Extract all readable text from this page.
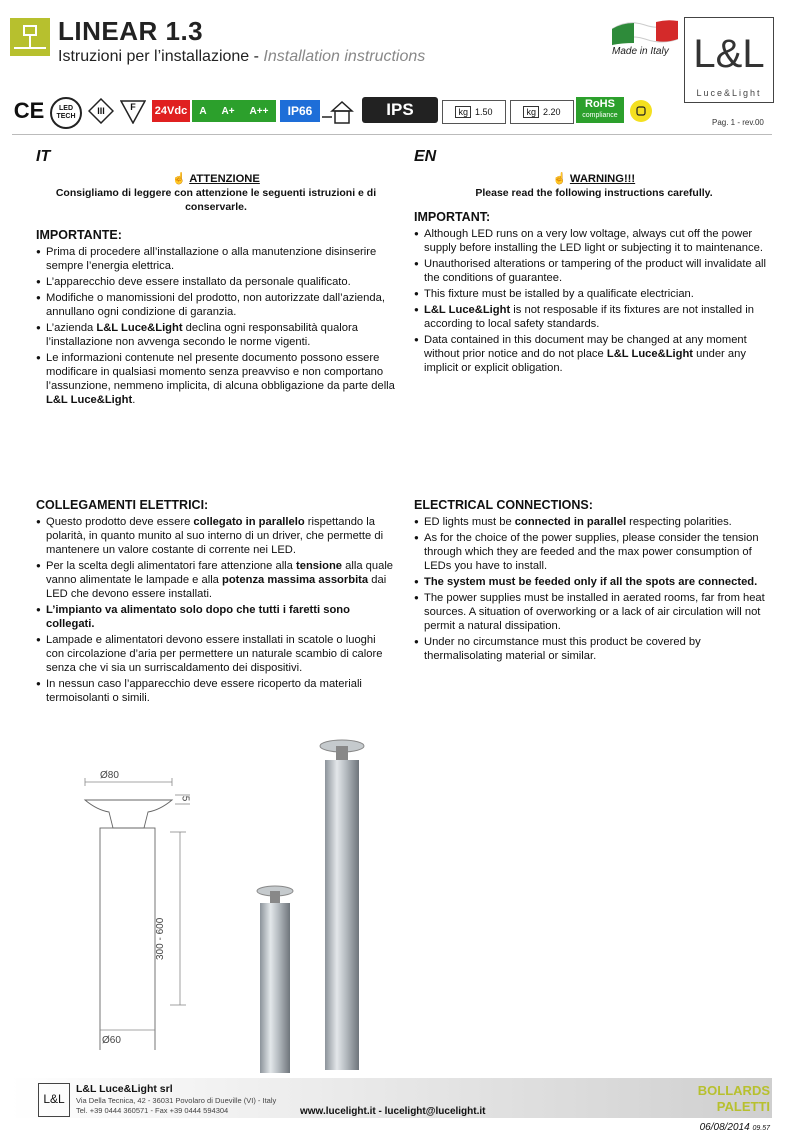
LINEAR 1.3
Istruzioni per l’installazione - Installation instructions	Made in Italy L&L
Luce&Light
Pag. 1 - rev.00
CE LED
TECH
III	F 24Vdc	A	A+	A++	IP66	IPS	kg 1.50	kg 2.20
RoHS
compliance
IT
☝ ATTENZIONE
Consigliamo di leggere con attenzione le seguenti istruzioni e di conservarle.
IMPORTANTE:
● Prima di procedere all’installazione o alla manutenzione disinserire sempre l’energia elettrica.
● L’apparecchio deve essere installato da personale qualificato.
● Modifiche o manomissioni del prodotto, non autorizzate dall’azienda, annullano ogni condizione di garanzia.
● L’azienda L&L Luce&Light declina ogni responsabilità qualora l’installazione non avvenga secondo le norme vigenti.
● Le informazioni contenute nel presente documento possono essere modificare in qualsiasi momento senza preavviso e non comportano l’assunzione, nemmeno implicita, di alcuna obbligazione da parte della L&L Luce&Light.
COLLEGAMENTI ELETTRICI:
● Questo prodotto deve essere collegato in parallelo rispettando la polarità, in quanto munito al suo interno di un driver, che permette di mantenere un valore costante di corrente nei LED.
● Per la scelta degli alimentatori fare attenzione alla tensione alla quale vanno alimentate le lampade e alla potenza massima assorbita dai LED che devono essere installati.
● L’impianto va alimentato solo dopo che tutti i faretti sono collegati.
● Lampade e alimentatori devono essere installati in scatole o luoghi con circolazione d’aria per permettere un naturale scambio di calore senza che vi sia un surriscaldamento dei dispositivi.
● In nessun caso l’apparecchio deve essere ricoperto da materiali termoisolanti o simili.
EN
☝ WARNING!!!
Please read the following instructions carefully.
IMPORTANT:
● Although LED runs on a very low voltage, always cut off the power supply before installing the LED light or subjecting it to maintenance.
● Unauthorised alterations or tampering of the product will invalidate all the conditions of guarantee.
● This fixture must be istalled by a qualificate electrician.
● L&L Luce&Light is not resposable if its fixtures are not installed in according to local safety standards.
● Data contained in this document may be changed at any moment without prior notice and do not place L&L Luce&Light under any implicit or explicit obligation.
ELECTRICAL CONNECTIONS:
● ED lights must be connected in parallel respecting polarities.
● As for the choice of the power supplies, please consider the tension through which they are feeded and the max power consumption of LEDs you have to install.
● The system must be feeded only if all the spots are connected.
● The power supplies must be installed in aerated rooms, far from heat sources. A situation of overworking or a lack of air circulation will not permit a natural dissipation.
● Under no circumstance must this product be covered by thermalisolating material or similar.
Ø80
5
300 - 600
Ø60
L&L
L&L Luce&Light srl
Via Della Tecnica, 42 - 36031 Povolaro di Dueville (VI) - Italy
Tel. +39 0444 360571 - Fax +39 0444 594304	www.lucelight.it - lucelight@lucelight.it
BOLLARDS
PALETTI
06/08/2014 09.57
